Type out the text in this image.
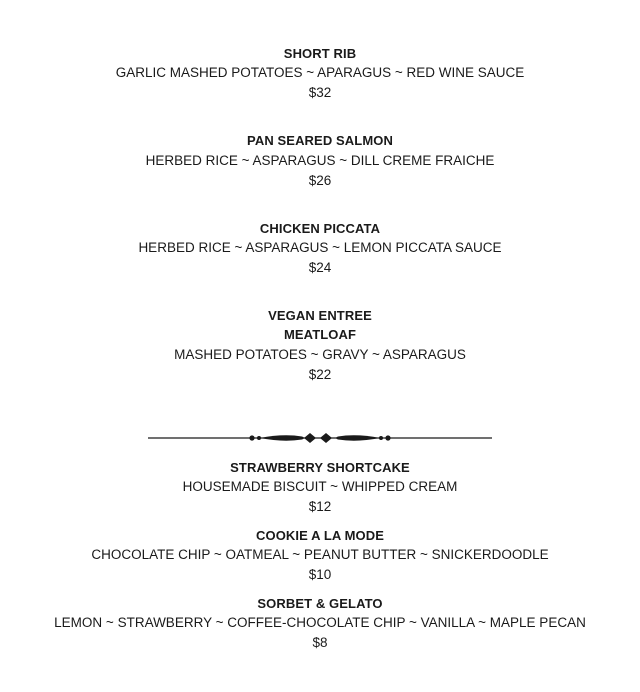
SHORT RIB
GARLIC MASHED POTATOES ~ APARAGUS ~ RED WINE SAUCE
$32
PAN SEARED SALMON
HERBED RICE ~ ASPARAGUS ~ DILL CREME FRAICHE
$26
CHICKEN PICCATA
HERBED RICE ~ ASPARAGUS ~ LEMON PICCATA SAUCE
$24
VEGAN ENTREE
MEATLOAF
MASHED POTATOES ~ GRAVY ~ ASPARAGUS
$22
STRAWBERRY SHORTCAKE
HOUSEMADE BISCUIT ~ WHIPPED CREAM
$12
COOKIE A LA MODE
CHOCOLATE CHIP ~ OATMEAL ~ PEANUT BUTTER ~ SNICKERDOODLE
$10
SORBET & GELATO
LEMON ~ STRAWBERRY ~ COFFEE-CHOCOLATE CHIP ~ VANILLA ~ MAPLE PECAN
$8
